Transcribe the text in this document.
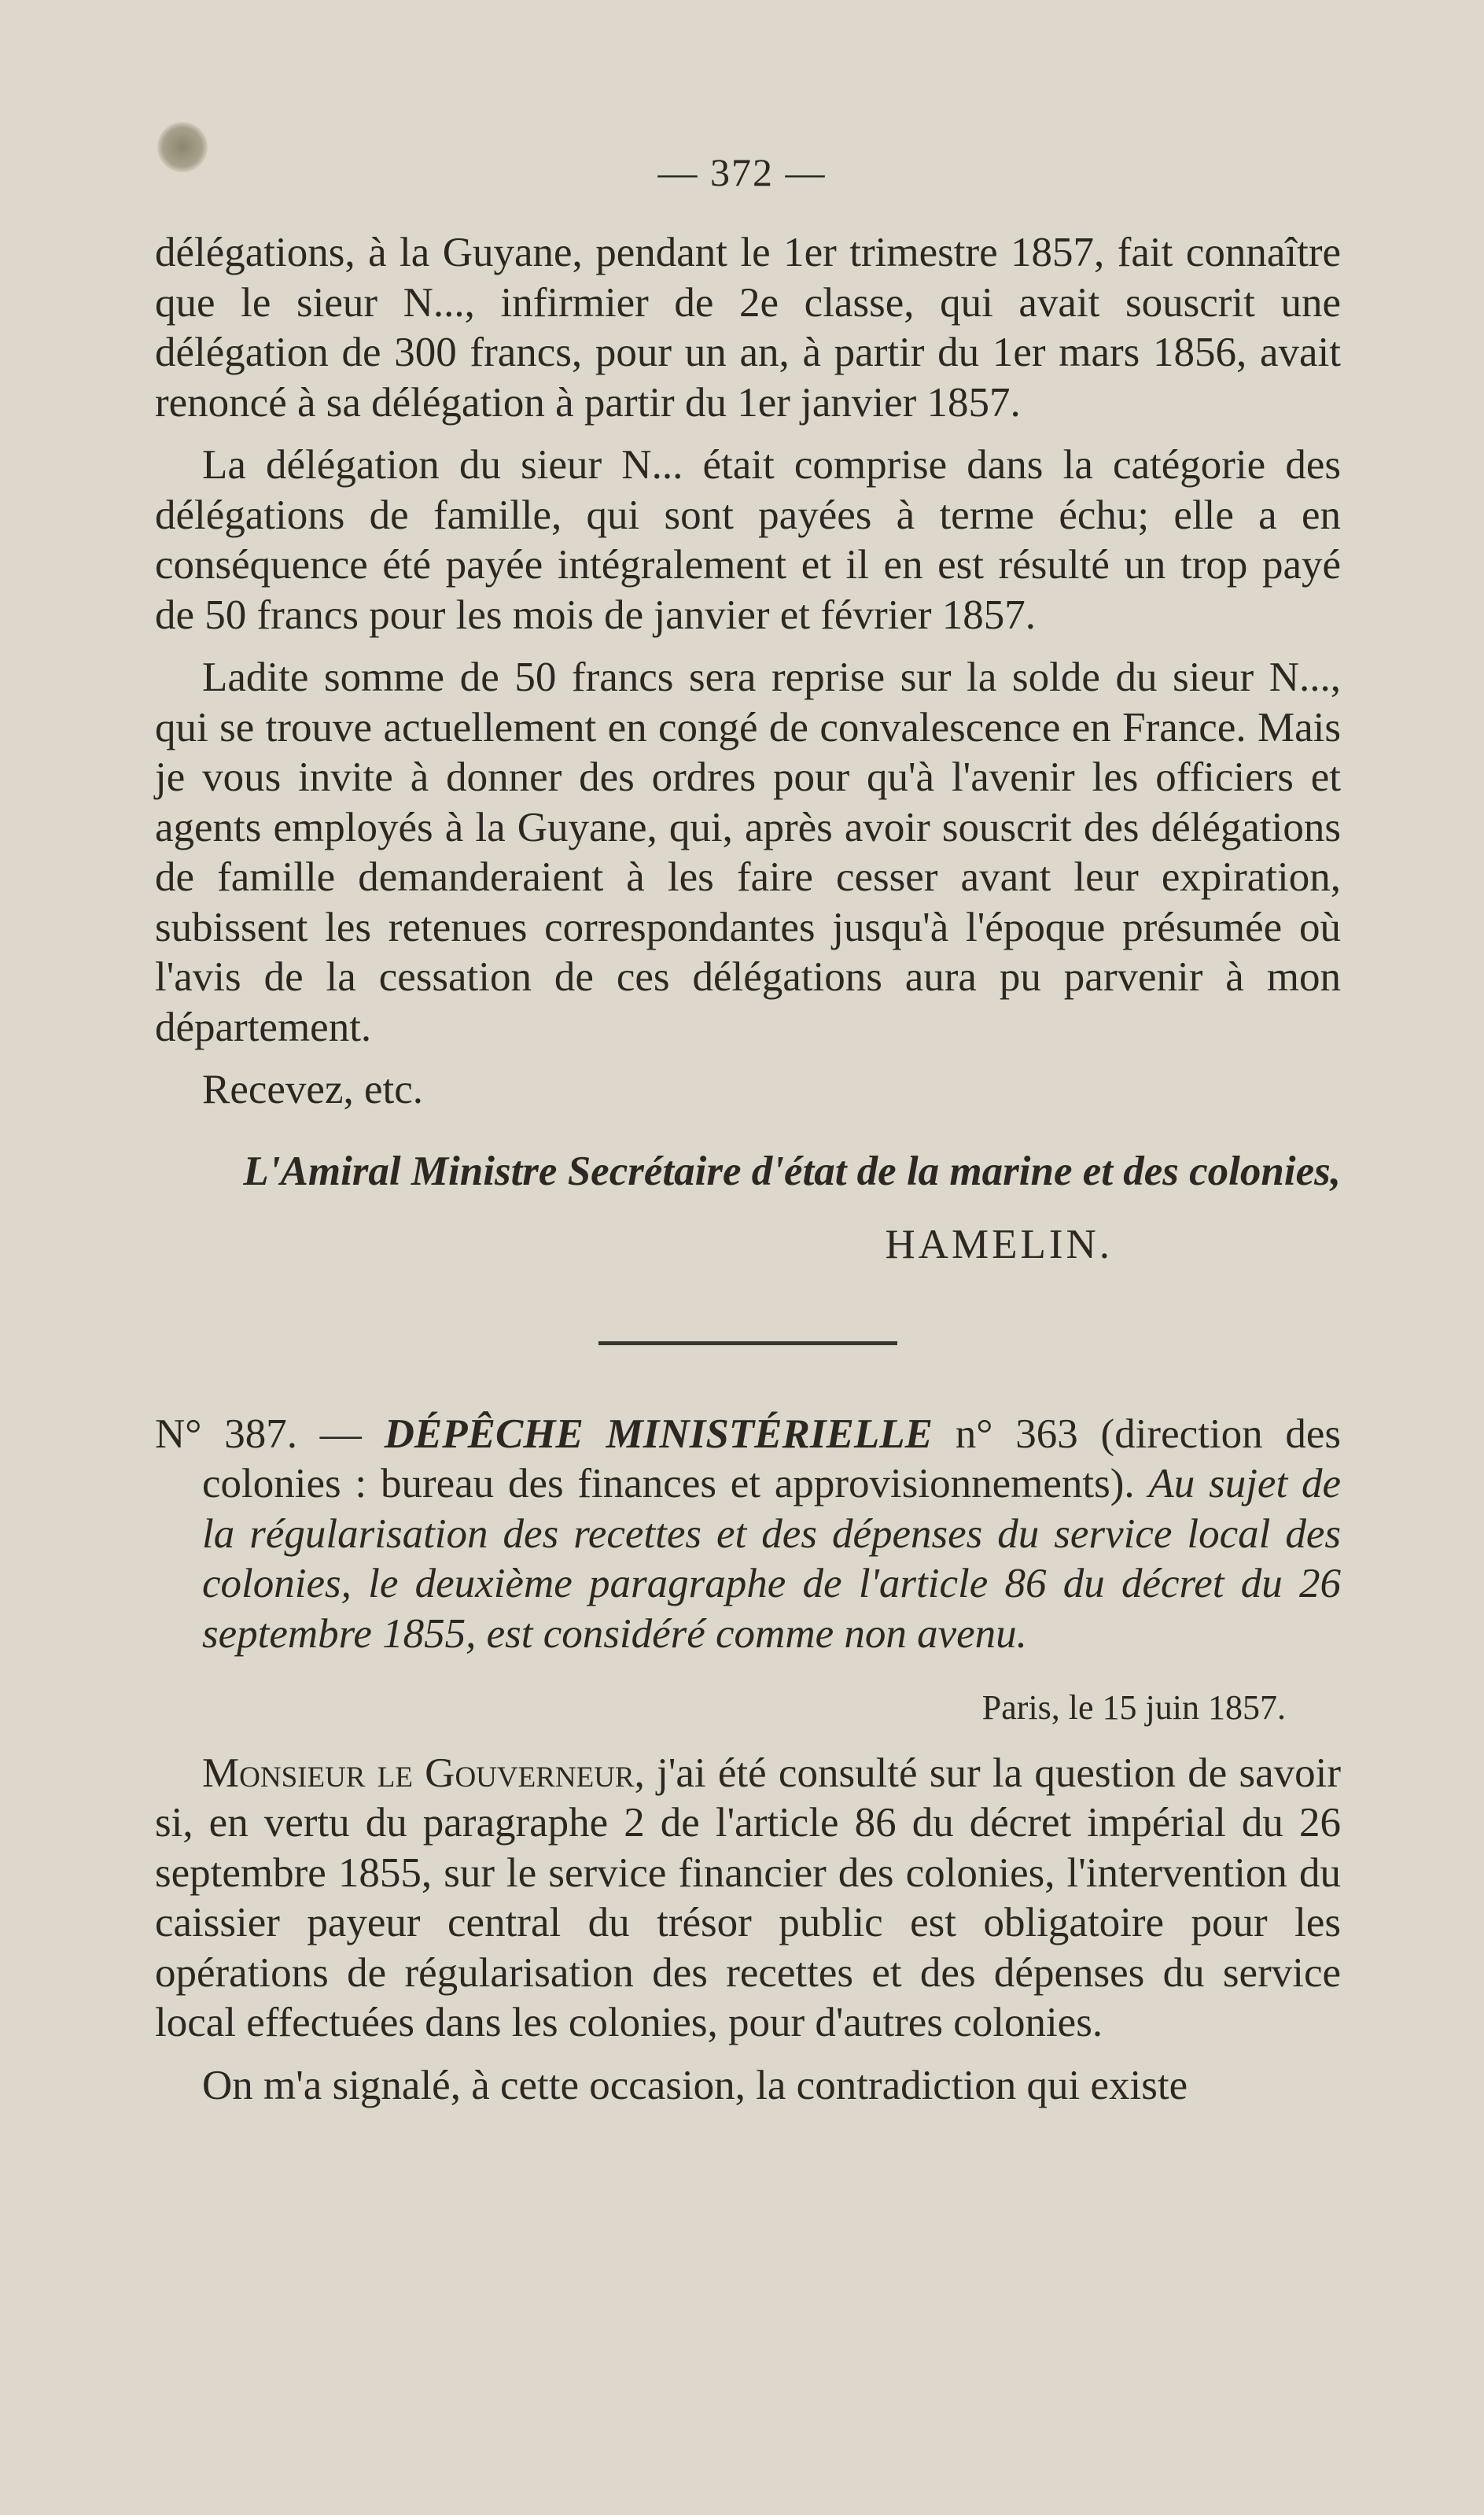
— 372 —

délégations, à la Guyane, pendant le 1er trimestre 1857, fait connaître que le sieur N..., infirmier de 2e classe, qui avait souscrit une délégation de 300 francs, pour un an, à partir du 1er mars 1856, avait renoncé à sa délégation à partir du 1er janvier 1857.

La délégation du sieur N... était comprise dans la catégorie des délégations de famille, qui sont payées à terme échu; elle a en conséquence été payée intégralement et il en est résulté un trop payé de 50 francs pour les mois de janvier et février 1857.

Ladite somme de 50 francs sera reprise sur la solde du sieur N..., qui se trouve actuellement en congé de convalescence en France. Mais je vous invite à donner des ordres pour qu'à l'avenir les officiers et agents employés à la Guyane, qui, après avoir souscrit des délégations de famille demanderaient à les faire cesser avant leur expiration, subissent les retenues correspondantes jusqu'à l'époque présumée où l'avis de la cessation de ces délégations aura pu parvenir à mon département.

Recevez, etc.

L'Amiral Ministre Secrétaire d'état de la marine et des colonies,

HAMELIN.

N° 387. — DÉPÊCHE MINISTÉRIELLE n° 363 (direction des colonies : bureau des finances et approvisionnements). Au sujet de la régularisation des recettes et des dépenses du service local des colonies, le deuxième paragraphe de l'article 86 du décret du 26 septembre 1855, est considéré comme non avenu.

Paris, le 15 juin 1857.

Monsieur le Gouverneur, j'ai été consulté sur la question de savoir si, en vertu du paragraphe 2 de l'article 86 du décret impérial du 26 septembre 1855, sur le service financier des colonies, l'intervention du caissier payeur central du trésor public est obligatoire pour les opérations de régularisation des recettes et des dépenses du service local effectuées dans les colonies, pour d'autres colonies.

On m'a signalé, à cette occasion, la contradiction qui existe
